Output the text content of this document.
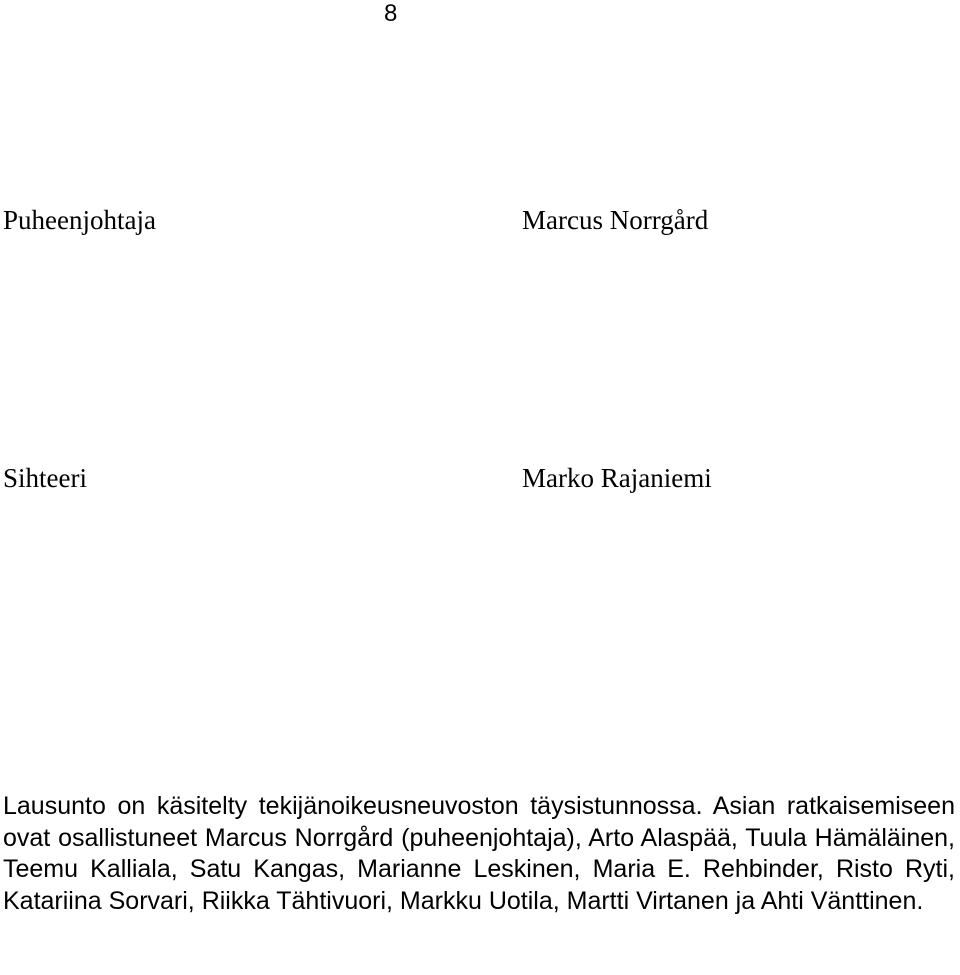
8
Puheenjohtaja	Marcus Norrgård
Sihteeri	Marko Rajaniemi

Lausunto on käsitelty tekijänoikeusneuvoston täysistunnossa. Asian ratkaisemiseen ovat osallistuneet Marcus Norrgård (puheenjohtaja), Arto Alaspää, Tuula Hämäläinen, Teemu Kalliala, Satu Kangas, Marianne Leskinen, Maria E. Rehbinder, Risto Ryti, Katariina Sorvari, Riikka Tähtivuori, Markku Uotila, Martti Virtanen ja Ahti Vänttinen.
